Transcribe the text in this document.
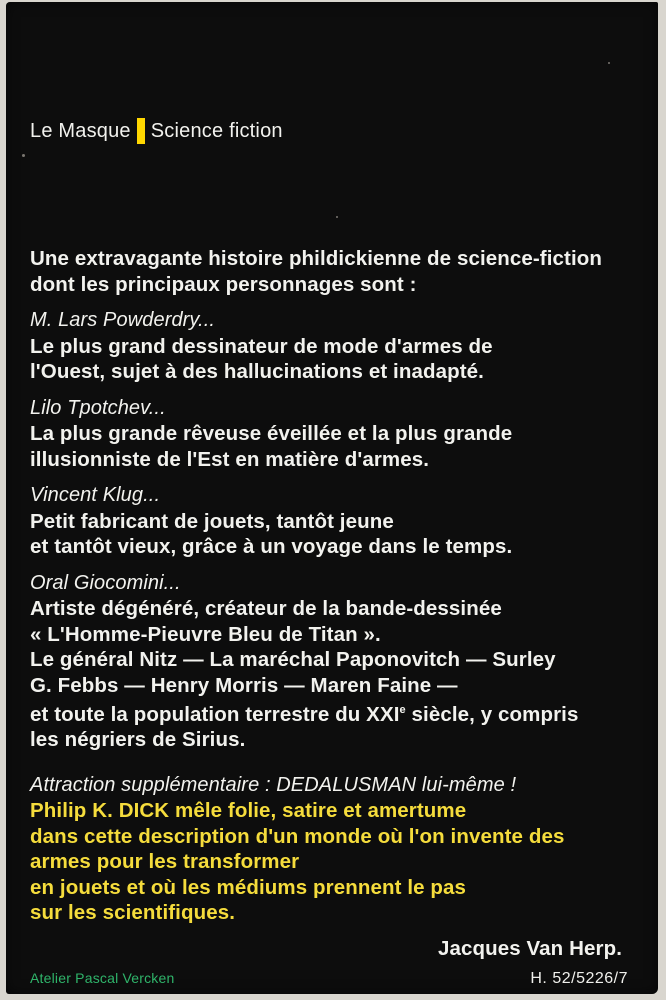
Le Masque Science fiction

Une extravagante histoire phildickienne de science-fiction

dont les principaux personnages sont :

M. Lars Powderdry...

Le plus grand dessinateur de mode d'armes de

l'Ouest, sujet à des hallucinations et inadapté.

Lilo Tpotchev...

La plus grande rêveuse éveillée et la plus grande

illusionniste de l'Est en matière d'armes.

Vincent Klug...

Petit fabricant de jouets, tantôt jeune

et tantôt vieux, grâce à un voyage dans le temps.

Oral Giocomini...

Artiste dégénéré, créateur de la bande-dessinée

« L'Homme-Pieuvre Bleu de Titan ».

Le général Nitz — La maréchal Paponovitch — Surley

G. Febbs — Henry Morris — Maren Faine —

et toute la population terrestre du XXIe siècle, y compris

les négriers de Sirius.

Attraction supplémentaire : DEDALUSMAN lui-même !

Philip K. DICK mêle folie, satire et amertume

dans cette description d'un monde où l'on invente des

armes pour les transformer

en jouets et où les médiums prennent le pas

sur les scientifiques.

Jacques Van Herp.

Atelier Pascal Vercken	H. 52/5226/7
